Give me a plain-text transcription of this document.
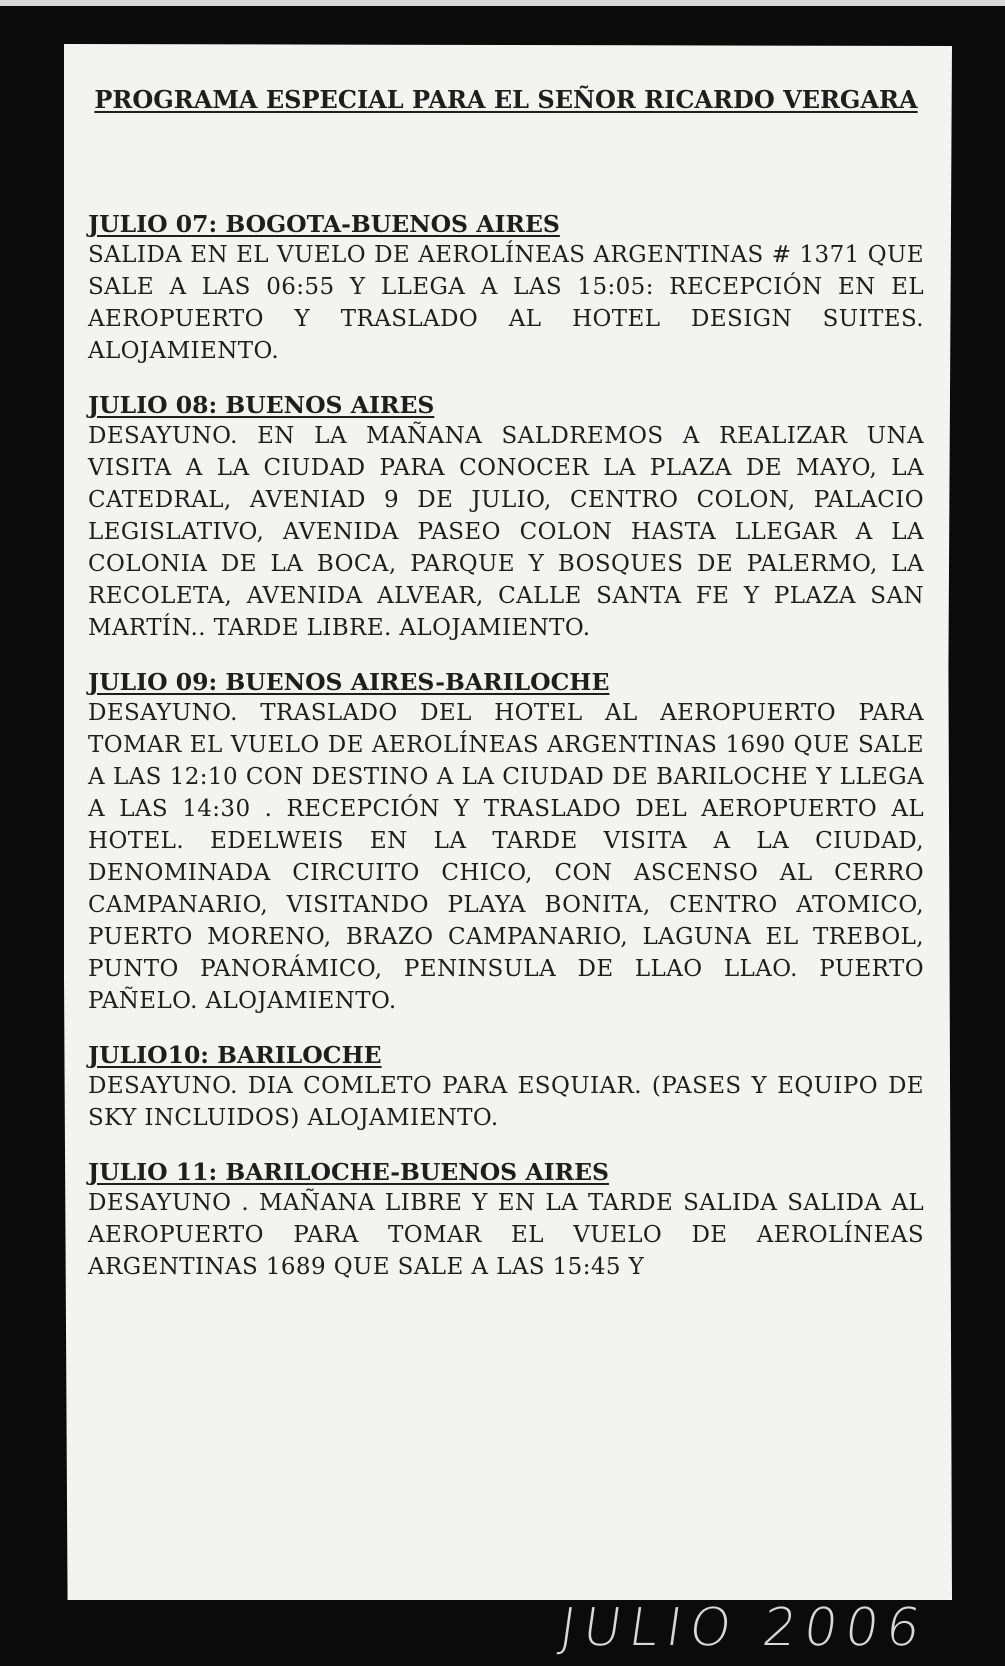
PROGRAMA ESPECIAL PARA EL SEÑOR RICARDO VERGARA

JULIO 07: BOGOTA-BUENOS AIRES

SALIDA EN EL VUELO DE AEROLÍNEAS ARGENTINAS # 1371 QUE SALE A LAS 06:55 Y LLEGA A LAS 15:05: RECEPCIÓN EN EL AEROPUERTO Y TRASLADO AL HOTEL DESIGN SUITES. ALOJAMIENTO.

JULIO 08: BUENOS AIRES

DESAYUNO. EN LA MAÑANA SALDREMOS A REALIZAR UNA VISITA A LA CIUDAD PARA CONOCER LA PLAZA DE MAYO, LA CATEDRAL, AVENIAD 9 DE JULIO, CENTRO COLON, PALACIO LEGISLATIVO, AVENIDA PASEO COLON HASTA LLEGAR A LA COLONIA DE LA BOCA, PARQUE Y BOSQUES DE PALERMO, LA RECOLETA, AVENIDA ALVEAR, CALLE SANTA FE Y PLAZA SAN MARTÍN.. TARDE LIBRE. ALOJAMIENTO.

JULIO 09: BUENOS AIRES-BARILOCHE

DESAYUNO. TRASLADO DEL HOTEL AL AEROPUERTO PARA TOMAR EL VUELO DE AEROLÍNEAS ARGENTINAS 1690 QUE SALE A LAS 12:10 CON DESTINO A LA CIUDAD DE BARILOCHE Y LLEGA A LAS 14:30 . RECEPCIÓN Y TRASLADO DEL AEROPUERTO AL HOTEL. EDELWEIS EN LA TARDE VISITA A LA CIUDAD, DENOMINADA CIRCUITO CHICO, CON ASCENSO AL CERRO CAMPANARIO, VISITANDO PLAYA BONITA, CENTRO ATOMICO, PUERTO MORENO, BRAZO CAMPANARIO, LAGUNA EL TREBOL, PUNTO PANORÁMICO, PENINSULA DE LLAO LLAO. PUERTO PAÑELO. ALOJAMIENTO.

JULIO10: BARILOCHE

DESAYUNO. DIA COMLETO PARA ESQUIAR. (PASES Y EQUIPO DE SKY INCLUIDOS) ALOJAMIENTO.

JULIO 11: BARILOCHE-BUENOS AIRES

DESAYUNO . MAÑANA LIBRE Y EN LA TARDE SALIDA SALIDA AL AEROPUERTO PARA TOMAR EL VUELO DE AEROLÍNEAS ARGENTINAS 1689 QUE SALE A LAS 15:45 Y

JULIO 2006
